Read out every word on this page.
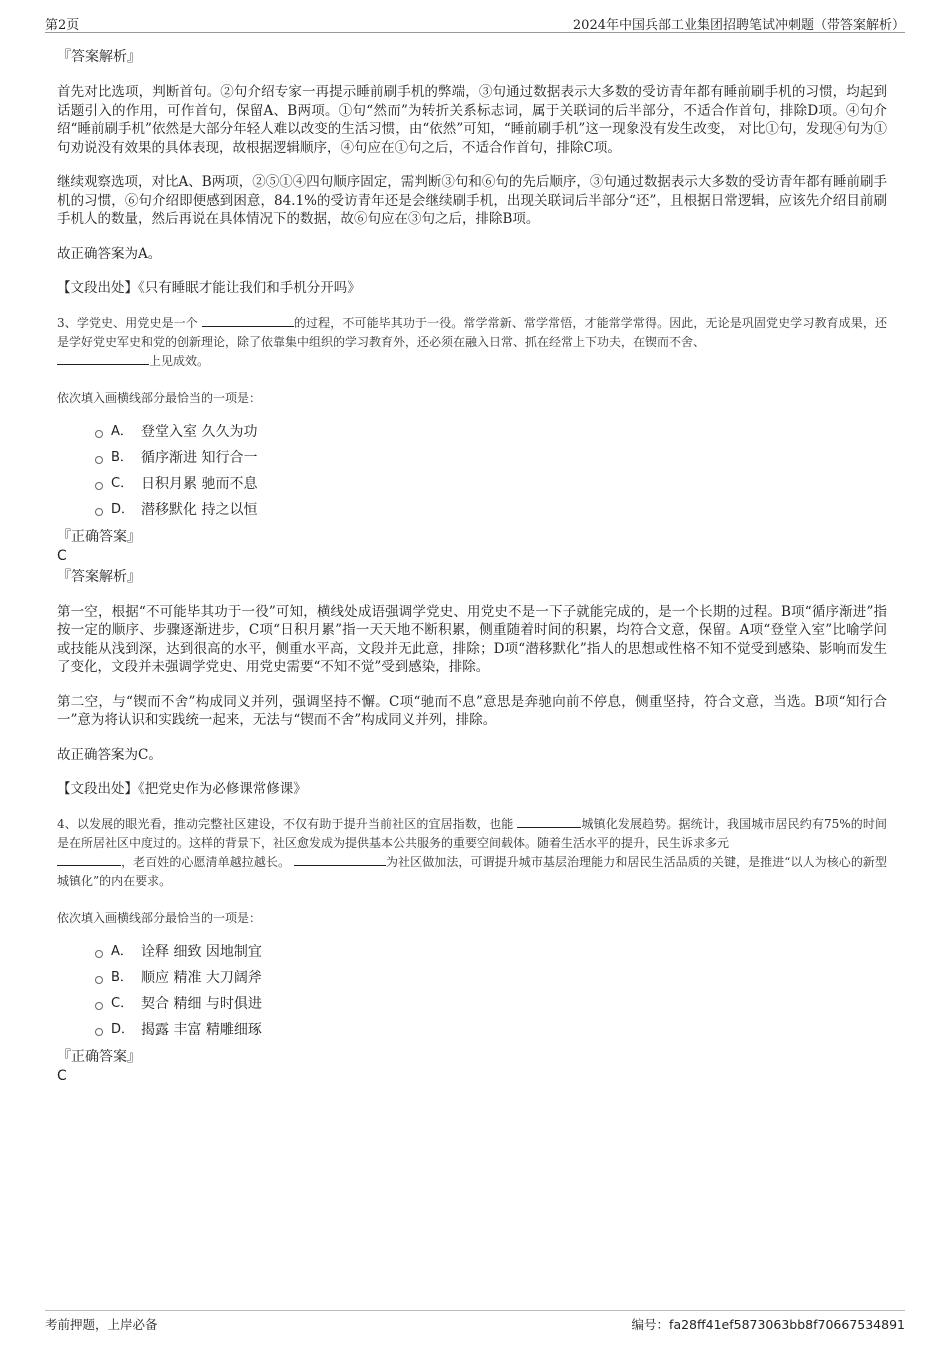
第2页	2024年中国兵部工业集团招聘笔试冲刺题（带答案解析）

『答案解析』

首先对比选项，判断首句。②句介绍专家一再提示睡前刷手机的弊端，③句通过数据表示大多数的受访青年都有睡前刷手机的习惯，均起到话题引入的作用，可作首句，保留A、B两项。①句“然而”为转折关系标志词，属于关联词的后半部分，不适合作首句，排除D项。④句介绍“睡前刷手机”依然是大部分年轻人难以改变的生活习惯，由“依然”可知，“睡前刷手机”这一现象没有发生改变， 对比①句，发现④句为①句劝说没有效果的具体表现，故根据逻辑顺序，④句应在①句之后，不适合作首句，排除C项。

继续观察选项，对比A、B两项，②⑤①④四句顺序固定，需判断③句和⑥句的先后顺序，③句通过数据表示大多数的受访青年都有睡前刷手机的习惯，⑥句介绍即便感到困意，84.1%的受访青年还是会继续刷手机，出现关联词后半部分“还”，且根据日常逻辑，应该先介绍目前刷手机人的数量，然后再说在具体情况下的数据，故⑥句应在③句之后，排除B项。

故正确答案为A。

【文段出处】《只有睡眠才能让我们和手机分开吗》

3、学党史、用党史是一个	的过程，不可能毕其功于一役。常学常新、常学常悟，才能常学常得。因此，无论是巩固党史学习教育成果，还是学好党史军史和党的创新理论，除了依靠集中组织的学习教育外，还必须在融入日常、抓在经常上下功夫，在锲而不舍、
上见成效。

依次填入画横线部分最恰当的一项是：

A． 登堂入室 久久为功
B． 循序渐进 知行合一
C． 日积月累 驰而不息
D． 潜移默化 持之以恒

『正确答案』

C

『答案解析』

第一空，根据“不可能毕其功于一役”可知，横线处成语强调学党史、用党史不是一下子就能完成的，是一个长期的过程。B项“循序渐进”指按一定的顺序、步骤逐渐进步，C项“日积月累”指一天天地不断积累，侧重随着时间的积累，均符合文意，保留。A项“登堂入室”比喻学问或技能从浅到深，达到很高的水平，侧重水平高，文段并无此意，排除；D项“潜移默化”指人的思想或性格不知不觉受到感染、影响而发生了变化，文段并未强调学党史、用党史需要“不知不觉”受到感染，排除。

第二空，与“锲而不舍”构成同义并列，强调坚持不懈。C项“驰而不息”意思是奔驰向前不停息，侧重坚持，符合文意，当选。B项“知行合一”意为将认识和实践统一起来，无法与“锲而不舍”构成同义并列，排除。

故正确答案为C。

【文段出处】《把党史作为必修课常修课》

4、以发展的眼光看，推动完整社区建设，不仅有助于提升当前社区的宜居指数，也能	城镇化发展趋势。据统计，我国城市居民约有75%的时间是在所居社区中度过的。这样的背景下，社区愈发成为提供基本公共服务的重要空间载体。随着生活水平的提升，民生诉求多元
，老百姓的心愿清单越拉越长。	为社区做加法，可谓提升城市基层治理能力和居民生活品质的关键，是推进“以人为核心的新型城镇化”的内在要求。

依次填入画横线部分最恰当的一项是：

A． 诠释 细致 因地制宜
B． 顺应 精准 大刀阔斧
C． 契合 精细 与时俱进
D． 揭露 丰富 精雕细琢

『正确答案』

C

考前押题，上岸必备	编号：fa28ff41ef5873063bb8f70667534891
